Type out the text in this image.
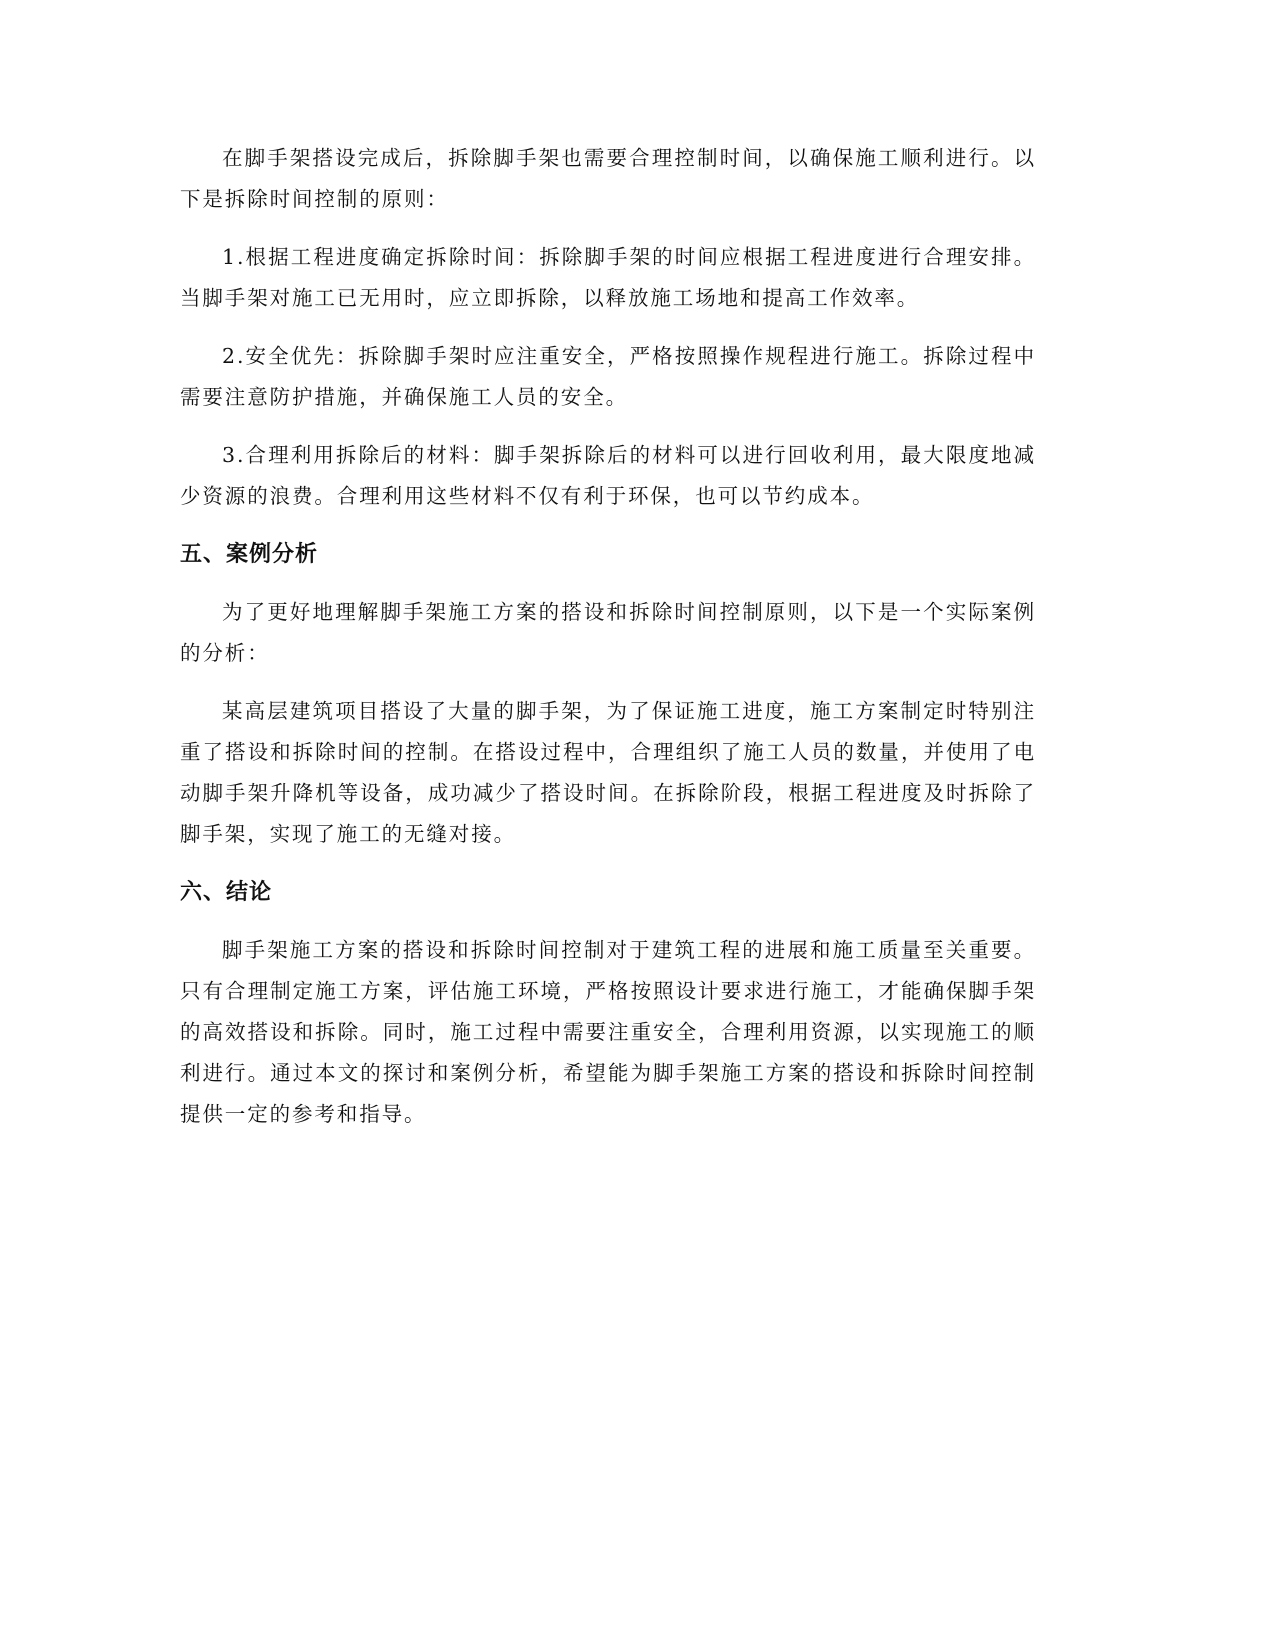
在脚手架搭设完成后，拆除脚手架也需要合理控制时间，以确保施工顺利进行。以下是拆除时间控制的原则：

1.根据工程进度确定拆除时间：拆除脚手架的时间应根据工程进度进行合理安排。当脚手架对施工已无用时，应立即拆除，以释放施工场地和提高工作效率。

2.安全优先：拆除脚手架时应注重安全，严格按照操作规程进行施工。拆除过程中需要注意防护措施，并确保施工人员的安全。

3.合理利用拆除后的材料：脚手架拆除后的材料可以进行回收利用，最大限度地减少资源的浪费。合理利用这些材料不仅有利于环保，也可以节约成本。

五、案例分析

为了更好地理解脚手架施工方案的搭设和拆除时间控制原则，以下是一个实际案例的分析：

某高层建筑项目搭设了大量的脚手架，为了保证施工进度，施工方案制定时特别注重了搭设和拆除时间的控制。在搭设过程中，合理组织了施工人员的数量，并使用了电动脚手架升降机等设备，成功减少了搭设时间。在拆除阶段，根据工程进度及时拆除了脚手架，实现了施工的无缝对接。

六、结论

脚手架施工方案的搭设和拆除时间控制对于建筑工程的进展和施工质量至关重要。只有合理制定施工方案，评估施工环境，严格按照设计要求进行施工，才能确保脚手架的高效搭设和拆除。同时，施工过程中需要注重安全，合理利用资源，以实现施工的顺利进行。通过本文的探讨和案例分析，希望能为脚手架施工方案的搭设和拆除时间控制提供一定的参考和指导。
